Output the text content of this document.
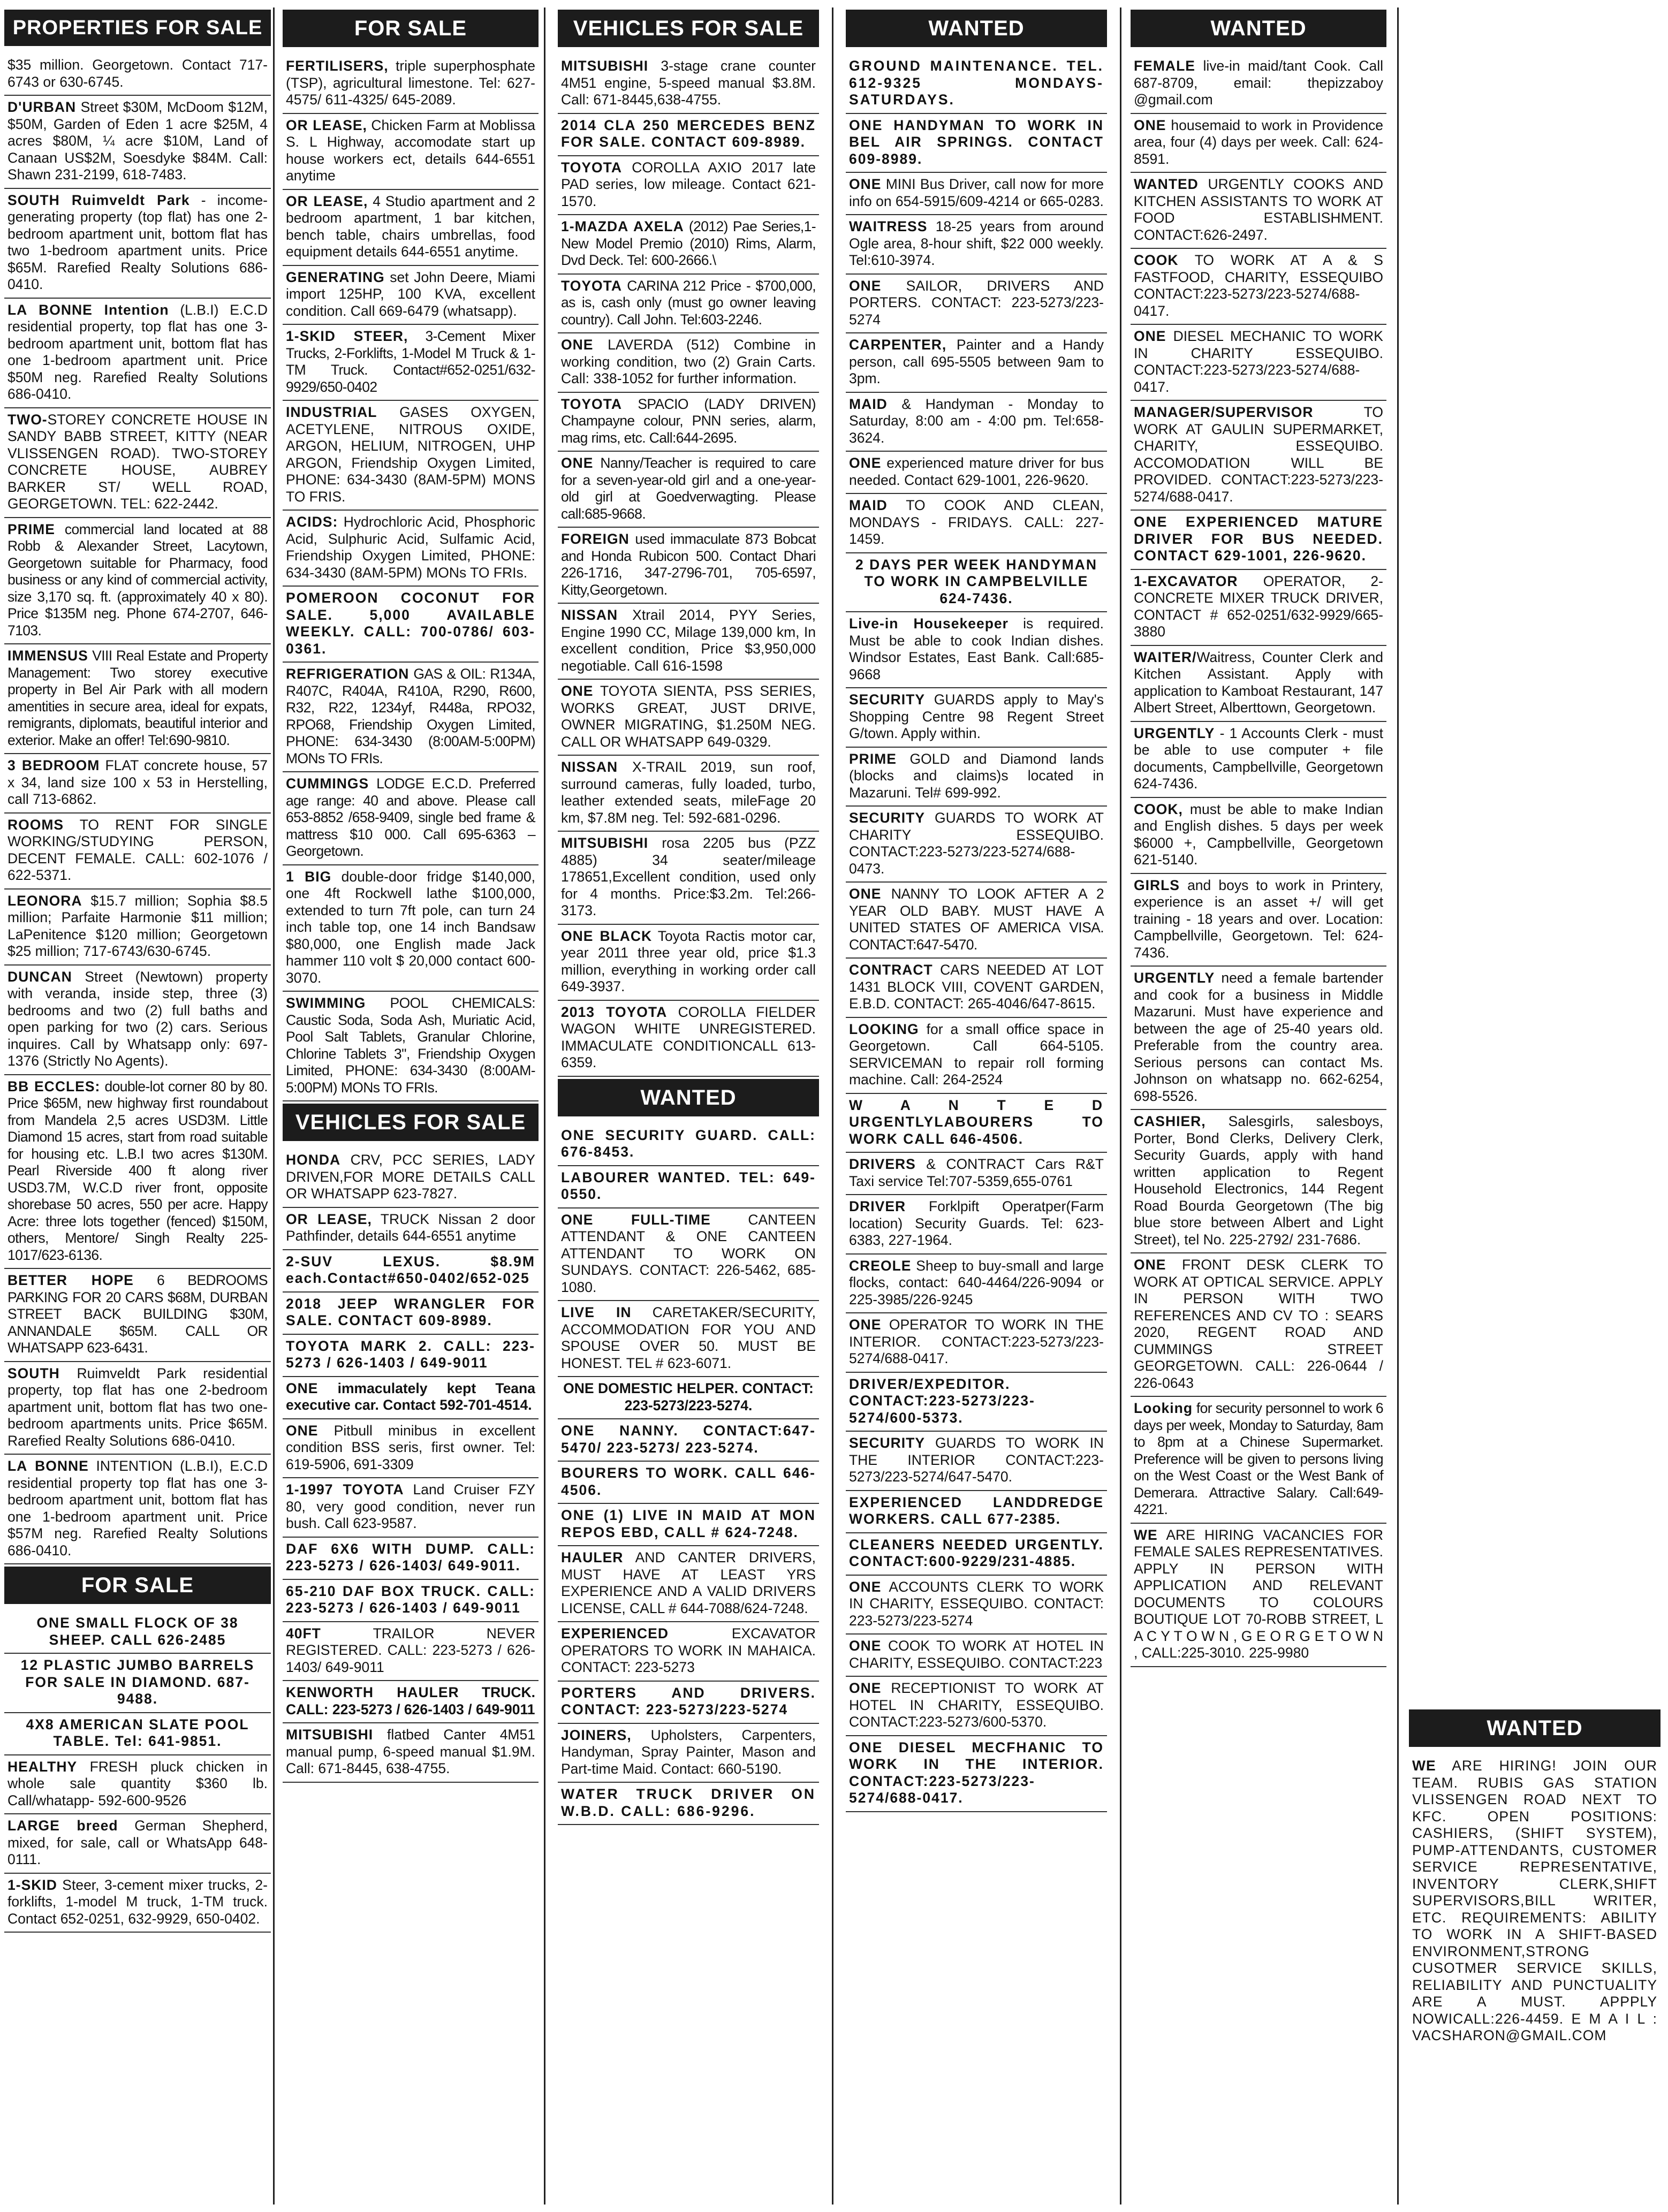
PROPERTIES FOR SALE
$35 million. Georgetown. Contact 717-6743 or 630-6745.
D'URBAN Street $30M, McDoom $12M, $50M, Garden of Eden 1 acre $25M, 4 acres $80M, ¼ acre $10M, Land of Canaan US$2M, Soesdyke $84M. Call: Shawn 231-2199, 618-7483.
SOUTH Ruimveldt Park - income-generating property (top flat) has one 2-bedroom apartment unit, bottom flat has two 1-bedroom apartment units. Price $65M. Rarefied Realty Solutions 686-0410.
LA BONNE Intention (L.B.I) E.C.D residential property, top flat has one 3-bedroom apartment unit, bottom flat has one 1-bedroom apartment unit. Price $50M neg. Rarefied Realty Solutions 686-0410.
TWO-STOREY CONCRETE HOUSE IN SANDY BABB STREET, KITTY (NEAR VLISSENGEN ROAD). TWO-STOREY CONCRETE HOUSE, AUBREY BARKER ST/ WELL ROAD, GEORGETOWN. TEL: 622-2442.
PRIME commercial land located at 88 Robb & Alexander Street, Lacytown, Georgetown suitable for Pharmacy, food business or any kind of commercial activity, size 3,170 sq. ft. (approximately 40 x 80). Price $135M neg. Phone 674-2707, 646-7103.
IMMENSUS VIII Real Estate and Property Management: Two storey executive property in Bel Air Park with all modern amentities in secure area, ideal for expats, remigrants, diplomats, beautiful interior and exterior. Make an offer! Tel:690-9810.
3 BEDROOM FLAT concrete house, 57 x 34, land size 100 x 53 in Herstelling, call 713-6862.
ROOMS TO RENT FOR SINGLE WORKING/STUDYING PERSON, DECENT FEMALE. CALL: 602-1076 / 622-5371.
LEONORA $15.7 million; Sophia $8.5 million; Parfaite Harmonie $11 million; LaPenitence $120 million; Georgetown $25 million; 717-6743/630-6745.
DUNCAN Street (Newtown) property with veranda, inside step, three (3) bedrooms and two (2) full baths and open parking for two (2) cars. Serious inquires. Call by Whatsapp only: 697-1376 (Strictly No Agents).
BB ECCLES: double-lot corner 80 by 80. Price $65M, new highway first roundabout from Mandela 2,5 acres USD3M. Little Diamond 15 acres, start from road suitable for housing etc. L.B.I two acres $130M. Pearl Riverside 400 ft along river USD3.7M, W.C.D river front, opposite shorebase 50 acres, 550 per acre. Happy Acre: three lots together (fenced) $150M, others, Mentore/ Singh Realty 225-1017/623-6136.
BETTER HOPE 6 BEDROOMS PARKING FOR 20 CARS $68M, DURBAN STREET BACK BUILDING $30M, ANNANDALE $65M. CALL OR WHATSAPP 623-6431.
SOUTH Ruimveldt Park residential property, top flat has one 2-bedroom apartment unit, bottom flat has two one-bedroom apartments units. Price $65M. Rarefied Realty Solutions 686-0410.
LA BONNE INTENTION (L.B.I), E.C.D residential property top flat has one 3-bedroom apartment unit, bottom flat has one 1-bedroom apartment unit. Price $57M neg. Rarefied Realty Solutions 686-0410.
FOR SALE
ONE SMALL FLOCK OF 38 SHEEP. CALL 626-2485
12 PLASTIC JUMBO BARRELS FOR SALE IN DIAMOND. 687-9488.
4X8 AMERICAN SLATE POOL TABLE. Tel: 641-9851.
HEALTHY FRESH pluck chicken in whole sale quantity $360 lb. Call/whatapp- 592-600-9526
LARGE breed German Shepherd, mixed, for sale, call or WhatsApp 648-0111.
1-SKID Steer, 3-cement mixer trucks, 2-forklifts, 1-model M truck, 1-TM truck. Contact 652-0251, 632-9929, 650-0402.
FOR SALE
FERTILISERS, triple superphosphate (TSP), agricultural limestone. Tel: 627-4575/ 611-4325/ 645-2089.
OR LEASE, Chicken Farm at Moblissa S. L Highway, accomodate start up house workers ect, details 644-6551 anytime
OR LEASE, 4 Studio apartment and 2 bedroom apartment, 1 bar kitchen, bench table, chairs umbrellas, food equipment details 644-6551 anytime.
GENERATING set John Deere, Miami import 125HP, 100 KVA, excellent condition. Call 669-6479 (whatsapp).
1-SKID STEER, 3-Cement Mixer Trucks, 2-Forklifts, 1-Model M Truck & 1-TM Truck. Contact#652-0251/632-9929/650-0402
INDUSTRIAL GASES OXYGEN, ACETYLENE, NITROUS OXIDE, ARGON, HELIUM, NITROGEN, UHP ARGON, Friendship Oxygen Limited, PHONE: 634-3430 (8AM-5PM) MONS TO FRIS.
ACIDS: Hydrochloric Acid, Phosphoric Acid, Sulphuric Acid, Sulfamic Acid, Friendship Oxygen Limited, PHONE: 634-3430 (8AM-5PM) MONs TO FRIs.
POMEROON COCONUT FOR SALE. 5,000 AVAILABLE WEEKLY. CALL: 700-0786/ 603-0361.
REFRIGERATION GAS & OIL: R134A, R407C, R404A, R410A, R290, R600, R32, R22, 1234yf, R448a, RPO32, RPO68, Friendship Oxygen Limited, PHONE: 634-3430 (8:00AM-5:00PM) MONs TO FRIs.
CUMMINGS LODGE E.C.D. Preferred age range: 40 and above. Please call 653-8852 /658-9409, single bed frame & mattress $10 000. Call 695-6363 – Georgetown.
1 BIG double-door fridge $140,000, one 4ft Rockwell lathe $100,000, extended to turn 7ft pole, can turn 24 inch table top, one 14 inch Bandsaw $80,000, one English made Jack hammer 110 volt $ 20,000 contact 600-3070.
SWIMMING POOL CHEMICALS: Caustic Soda, Soda Ash, Muriatic Acid, Pool Salt Tablets, Granular Chlorine, Chlorine Tablets 3", Friendship Oxygen Limited, PHONE: 634-3430 (8:00AM-5:00PM) MONs TO FRIs.
VEHICLES FOR SALE
HONDA CRV, PCC SERIES, LADY DRIVEN,FOR MORE DETAILS CALL OR WHATSAPP 623-7827.
OR LEASE, TRUCK Nissan 2 door Pathfinder, details 644-6551 anytime
2-SUV LEXUS. $8.9M each.Contact#650-0402/652-025
2018 JEEP WRANGLER FOR SALE. CONTACT 609-8989.
TOYOTA MARK 2. CALL: 223-5273 / 626-1403 / 649-9011
ONE immaculately kept Teana executive car. Contact 592-701-4514.
ONE Pitbull minibus in excellent condition BSS seris, first owner. Tel: 619-5906, 691-3309
1-1997 TOYOTA Land Cruiser FZY 80, very good condition, never run bush. Call 623-9587.
DAF 6X6 WITH DUMP. CALL: 223-5273 / 626-1403/ 649-9011.
65-210 DAF BOX TRUCK. CALL: 223-5273 / 626-1403 / 649-9011
40FT	TRAILOR NEVER REGISTERED. CALL: 223-5273 / 626-1403/ 649-9011
KENWORTH HAULER TRUCK. CALL: 223-5273 / 626-1403 / 649-9011
MITSUBISHI flatbed Canter 4M51 manual pump, 6-speed manual $1.9M. Call: 671-8445, 638-4755.
VEHICLES FOR SALE
MITSUBISHI 3-stage crane counter 4M51 engine, 5-speed manual $3.8M. Call: 671-8445,638-4755.
2014 CLA 250 MERCEDES BENZ FOR SALE. CONTACT 609-8989.
TOYOTA COROLLA AXIO 2017 late PAD series, low mileage. Contact 621-1570.
1-MAZDA AXELA (2012) Pae Series,1- New Model Premio (2010) Rims, Alarm, Dvd Deck. Tel: 600-2666.\
TOYOTA CARINA 212 Price - $700,000, as is, cash only (must go owner leaving country). Call John. Tel:603-2246.
ONE LAVERDA (512) Combine in working condition, two (2) Grain Carts. Call: 338-1052 for further information.
TOYOTA SPACIO (LADY DRIVEN) Champayne colour, PNN series, alarm, mag rims, etc. Call:644-2695.
ONE Nanny/Teacher is required to care for a seven-year-old girl and a one-year-old girl at Goedverwagting. Please call:685-9668.
FOREIGN used immaculate 873 Bobcat and Honda Rubicon 500. Contact Dhari 226-1716, 347-2796-701, 705-6597, Kitty,Georgetown.
NISSAN Xtrail 2014, PYY Series, Engine 1990 CC, Milage 139,000 km, In excellent condition, Price $3,950,000 negotiable. Call 616-1598
ONE TOYOTA SIENTA, PSS SERIES, WORKS GREAT, JUST DRIVE, OWNER MIGRATING, $1.250M NEG. CALL OR WHATSAPP 649-0329.
NISSAN X-TRAIL 2019, sun roof, surround cameras, fully loaded, turbo, leather extended seats, mileFage 20 km, $7.8M neg. Tel: 592-681-0296.
MITSUBISHI rosa 2205 bus (PZZ 4885) 34 seater/mileage 178651,Excellent condition, used only for 4 months. Price:$3.2m. Tel:266-3173.
ONE BLACK Toyota Ractis motor car, year 2011 three year old, price $1.3 million, everything in working order call 649-3937.
2013 TOYOTA COROLLA FIELDER WAGON WHITE UNREGISTERED. IMMACULATE CONDITIONCALL 613-6359.
WANTED
ONE SECURITY GUARD. CALL: 676-8453.
LABOURER WANTED. TEL: 649-0550.
ONE FULL-TIME	CANTEEN ATTENDANT & ONE CANTEEN ATTENDANT TO WORK ON SUNDAYS. CONTACT: 226-5462, 685-1080.
LIVE IN CARETAKER/SECURITY, ACCOMMODATION FOR YOU AND SPOUSE OVER 50. MUST BE HONEST. TEL # 623-6071.
ONE DOMESTIC HELPER. CONTACT: 223-5273/223-5274.
ONE NANNY. CONTACT:647-5470/ 223-5273/ 223-5274.
BOURERS TO WORK. CALL 646-4506.
ONE (1) LIVE IN MAID AT MON REPOS EBD, CALL # 624-7248.
HAULER AND CANTER DRIVERS, MUST HAVE AT LEAST YRS EXPERIENCE AND A VALID DRIVERS LICENSE, CALL # 644-7088/624-7248.
EXPERIENCED	EXCAVATOR OPERATORS TO WORK IN MAHAICA. CONTACT: 223-5273
PORTERS AND DRIVERS. CONTACT: 223-5273/223-5274
JOINERS, Upholsters, Carpenters, Handyman, Spray Painter, Mason and Part-time Maid. Contact: 660-5190.
WATER TRUCK DRIVER ON W.B.D. CALL: 686-9296.
WANTED
GROUND MAINTENANCE. TEL. 612-9325 MONDAYS-SATURDAYS.
ONE HANDYMAN TO WORK IN BEL AIR SPRINGS. CONTACT 609-8989.
ONE MINI Bus Driver, call now for more info on 654-5915/609-4214 or 665-0283.
WAITRESS 18-25 years from around Ogle area, 8-hour shift, $22 000 weekly. Tel:610-3974.
ONE SAILOR, DRIVERS AND PORTERS. CONTACT: 223-5273/223-5274
CARPENTER, Painter and a Handy person, call 695-5505 between 9am to 3pm.
MAID & Handyman - Monday to Saturday, 8:00 am - 4:00 pm. Tel:658-3624.
ONE experienced mature driver for bus needed. Contact 629-1001, 226-9620.
MAID TO COOK AND CLEAN, MONDAYS - FRIDAYS. CALL: 227-1459.
2 DAYS PER WEEK HANDYMAN TO WORK IN CAMPBELVILLE 624-7436.
Live-in Housekeeper is required. Must be able to cook Indian dishes. Windsor Estates, East Bank. Call:685-9668
SECURITY GUARDS apply to May's Shopping Centre 98 Regent Street G/town. Apply within.
PRIME GOLD and Diamond lands (blocks and claims)s located in Mazaruni. Tel# 699-992.
SECURITY GUARDS TO WORK AT CHARITY ESSEQUIBO. CONTACT:223-5273/223-5274/688-0473.
ONE NANNY TO LOOK AFTER A 2 YEAR OLD BABY. MUST HAVE A UNITED STATES OF AMERICA VISA. CONTACT:647-5470.
CONTRACT CARS NEEDED AT LOT 1431 BLOCK VIII, COVENT GARDEN, E.B.D. CONTACT: 265-4046/647-8615.
LOOKING for a small office space in Georgetown. Call 664-5105. SERVICEMAN to repair roll forming machine. Call: 264-2524
W A N T E D URGENTLYLABOURERS TO WORK CALL 646-4506.
DRIVERS & CONTRACT Cars R&T Taxi service Tel:707-5359,655-0761
DRIVER Forklpift Operatper(Farm location) Security Guards. Tel: 623-6383, 227-1964.
CREOLE Sheep to buy-small and large flocks, contact: 640-4464/226-9094 or 225-3985/226-9245
ONE OPERATOR TO WORK IN THE INTERIOR. CONTACT:223-5273/223-5274/688-0417.
DRIVER/EXPEDITOR. CONTACT:223-5273/223-5274/600-5373.
SECURITY GUARDS TO WORK IN THE INTERIOR CONTACT:223-5273/223-5274/647-5470.
EXPERIENCED LANDDREDGE WORKERS. CALL 677-2385.
CLEANERS NEEDED URGENTLY. CONTACT:600-9229/231-4885.
ONE ACCOUNTS CLERK TO WORK IN CHARITY, ESSEQUIBO. CONTACT: 223-5273/223-5274
ONE COOK TO WORK AT HOTEL IN CHARITY, ESSEQUIBO. CONTACT:223
ONE RECEPTIONIST TO WORK AT HOTEL IN CHARITY, ESSEQUIBO. CONTACT:223-5273/600-5370.
ONE DIESEL MECFHANIC TO WORK IN THE INTERIOR. CONTACT:223-5273/223-5274/688-0417.
WANTED
FEMALE live-in maid/tant Cook. Call 687-8709, email: thepizzaboy @gmail.com
ONE housemaid to work in Providence area, four (4) days per week. Call: 624-8591.
WANTED URGENTLY COOKS AND KITCHEN ASSISTANTS TO WORK AT FOOD ESTABLISHMENT. CONTACT:626-2497.
COOK TO WORK AT A & S FASTFOOD, CHARITY, ESSEQUIBO CONTACT:223-5273/223-5274/688-0417.
ONE DIESEL MECHANIC TO WORK IN CHARITY ESSEQUIBO. CONTACT:223-5273/223-5274/688-0417.
MANAGER/SUPERVISOR	TO WORK AT GAULIN SUPERMARKET, CHARITY, ESSEQUIBO. ACCOMODATION WILL BE PROVIDED. CONTACT:223-5273/223-5274/688-0417.
ONE EXPERIENCED MATURE DRIVER FOR BUS NEEDED. CONTACT 629-1001, 226-9620.
1-EXCAVATOR OPERATOR, 2- CONCRETE MIXER TRUCK DRIVER, CONTACT # 652-0251/632-9929/665-3880
WAITER/Waitress, Counter Clerk and Kitchen Assistant. Apply with application to Kamboat Restaurant, 147 Albert Street, Alberttown, Georgetown.
URGENTLY - 1 Accounts Clerk - must be able to use computer + file documents, Campbellville, Georgetown 624-7436.
COOK, must be able to make Indian and English dishes. 5 days per week $6000 +, Campbellville, Georgetown 621-5140.
GIRLS and boys to work in Printery, experience is an asset +/ will get training - 18 years and over. Location: Campbellville, Georgetown. Tel: 624-7436.
URGENTLY need a female bartender and cook for a business in Middle Mazaruni. Must have experience and between the age of 25-40 years old. Preferable from the country area. Serious persons can contact Ms. Johnson on whatsapp no. 662-6254, 698-5526.
CASHIER, Salesgirls, salesboys, Porter, Bond Clerks, Delivery Clerk, Security Guards, apply with hand written application to Regent Household Electronics, 144 Regent Road Bourda Georgetown (The big blue store between Albert and Light Street), tel No. 225-2792/ 231-7686.
ONE FRONT DESK CLERK TO WORK AT OPTICAL SERVICE. APPLY IN PERSON WITH TWO REFERENCES AND CV TO : SEARS 2020, REGENT ROAD AND CUMMINGS STREET GEORGETOWN. CALL: 226-0644 / 226-0643
Looking for security personnel to work 6 days per week, Monday to Saturday, 8am to 8pm at a Chinese Supermarket. Preference will be given to persons living on the West Coast or the West Bank of Demerara. Attractive Salary. Call:649-4221.
WE ARE HIRING VACANCIES FOR FEMALE SALES REPRESENTATIVES. APPLY IN PERSON WITH APPLICATION AND RELEVANT DOCUMENTS TO COLOURS BOUTIQUE LOT 70-ROBB STREET, L A C Y T O W N , G E O R G E T O W N , CALL:225-3010. 225-9980
WANTED
WE ARE HIRING! JOIN OUR TEAM. RUBIS GAS STATION VLISSENGEN ROAD NEXT TO KFC. OPEN POSITIONS: CASHIERS, (SHIFT SYSTEM), PUMP-ATTENDANTS, CUSTOMER SERVICE REPRESENTATIVE, INVENTORY CLERK,SHIFT SUPERVISORS,BILL WRITER, ETC. REQUIREMENTS: ABILITY TO WORK IN A SHIFT-BASED ENVIRONMENT,STRONG CUSOTMER SERVICE SKILLS, RELIABILITY AND PUNCTUALITY ARE A MUST. APPPLY NOWICALL:226-4459. E M A I L : VACSHARON@GMAIL.COM
